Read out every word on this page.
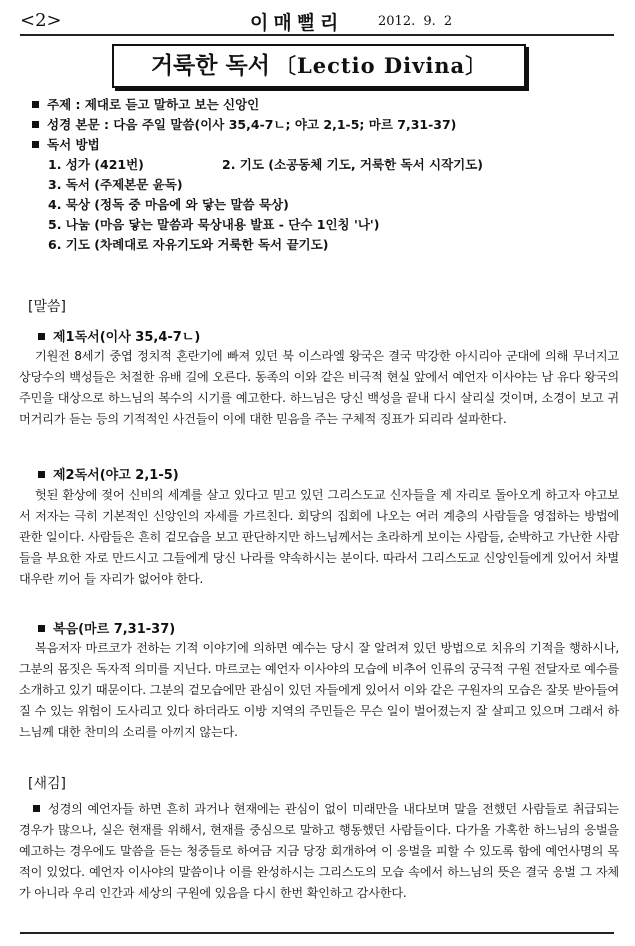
<2>	이매뻘리	2012. 9. 2
거룩한 독서 〔Lectio Divina〕
주제 : 제대로 듣고 말하고 보는 신앙인
성경 본문 : 다음 주일 말씀(이사 35,4-7ㄴ; 야고 2,1-5; 마르 7,31-37)
독서 방법
1. 성가 (421번)	2. 기도 (소공동체 기도, 거룩한 독서 시작기도)
3. 독서 (주제본문 윤독)
4. 묵상 (정독 중 마음에 와 닿는 말씀 묵상)
5. 나눔 (마음 닿는 말씀과 묵상내용 발표 - 단수 1인칭 '나')
6. 기도 (차례대로 자유기도와 거룩한 독서 끝기도)
[말씀]
제1독서(이사 35,4-7ㄴ)
기원전 8세기 중엽 정치적 혼란기에 빠져 있던 북 이스라엘 왕국은 결국 막강한 아시리아 군대에 의해 무너지고 상당수의 백성들은 처절한 유배 길에 오른다. 동족의 이와 같은 비극적 현실 앞에서 예언자 이사야는 남 유다 왕국의 주민을 대상으로 하느님의 복수의 시기를 예고한다. 하느님은 당신 백성을 끝내 다시 살리실 것이며, 소경이 보고 귀머거리가 듣는 등의 기적적인 사건들이 이에 대한 믿음을 주는 구체적 징표가 되리라 설파한다.
제2독서(야고 2,1-5)
헛된 환상에 젖어 신비의 세계를 살고 있다고 믿고 있던 그리스도교 신자들을 제 자리로 돌아오게 하고자 야고보서 저자는 극히 기본적인 신앙인의 자세를 가르친다. 회당의 집회에 나오는 여러 계층의 사람들을 영접하는 방법에 관한 일이다. 사람들은 흔히 겉모습을 보고 판단하지만 하느님께서는 초라하게 보이는 사람들, 순박하고 가난한 사람들을 부요한 자로 만드시고 그들에게 당신 나라를 약속하시는 분이다. 따라서 그리스도교 신앙인들에게 있어서 차별 대우란 끼어 들 자리가 없어야 한다.
복음(마르 7,31-37)
복음저자 마르코가 전하는 기적 이야기에 의하면 예수는 당시 잘 알려져 있던 방법으로 치유의 기적을 행하시나, 그분의 몸짓은 독자적 의미를 지닌다. 마르코는 예언자 이사야의 모습에 비추어 인류의 궁극적 구원 전달자로 예수를 소개하고 있기 때문이다. 그분의 겉모습에만 관심이 있던 자들에게 있어서 이와 같은 구원자의 모습은 잘못 받아들여질 수 있는 위험이 도사리고 있다 하더라도 이방 지역의 주민들은 무슨 일이 벌어졌는지 잘 살피고 있으며 그래서 하느님께 대한 찬미의 소리를 아끼지 않는다.
[새김]
성경의 예언자들 하면 흔히 과거나 현재에는 관심이 없이 미래만을 내다보며 말을 전했던 사람들로 취급되는 경우가 많으나, 실은 현재를 위해서, 현재를 중심으로 말하고 행동했던 사람들이다. 다가올 가혹한 하느님의 응벌을 예고하는 경우에도 말씀을 듣는 청중들로 하여금 지금 당장 회개하여 이 응벌을 피할 수 있도록 함에 예언사명의 목적이 있었다. 예언자 이사야의 말씀이나 이를 완성하시는 그리스도의 모습 속에서 하느님의 뜻은 결국 응벌 그 자체가 아니라 우리 인간과 세상의 구원에 있음을 다시 한번 확인하고 감사한다.
